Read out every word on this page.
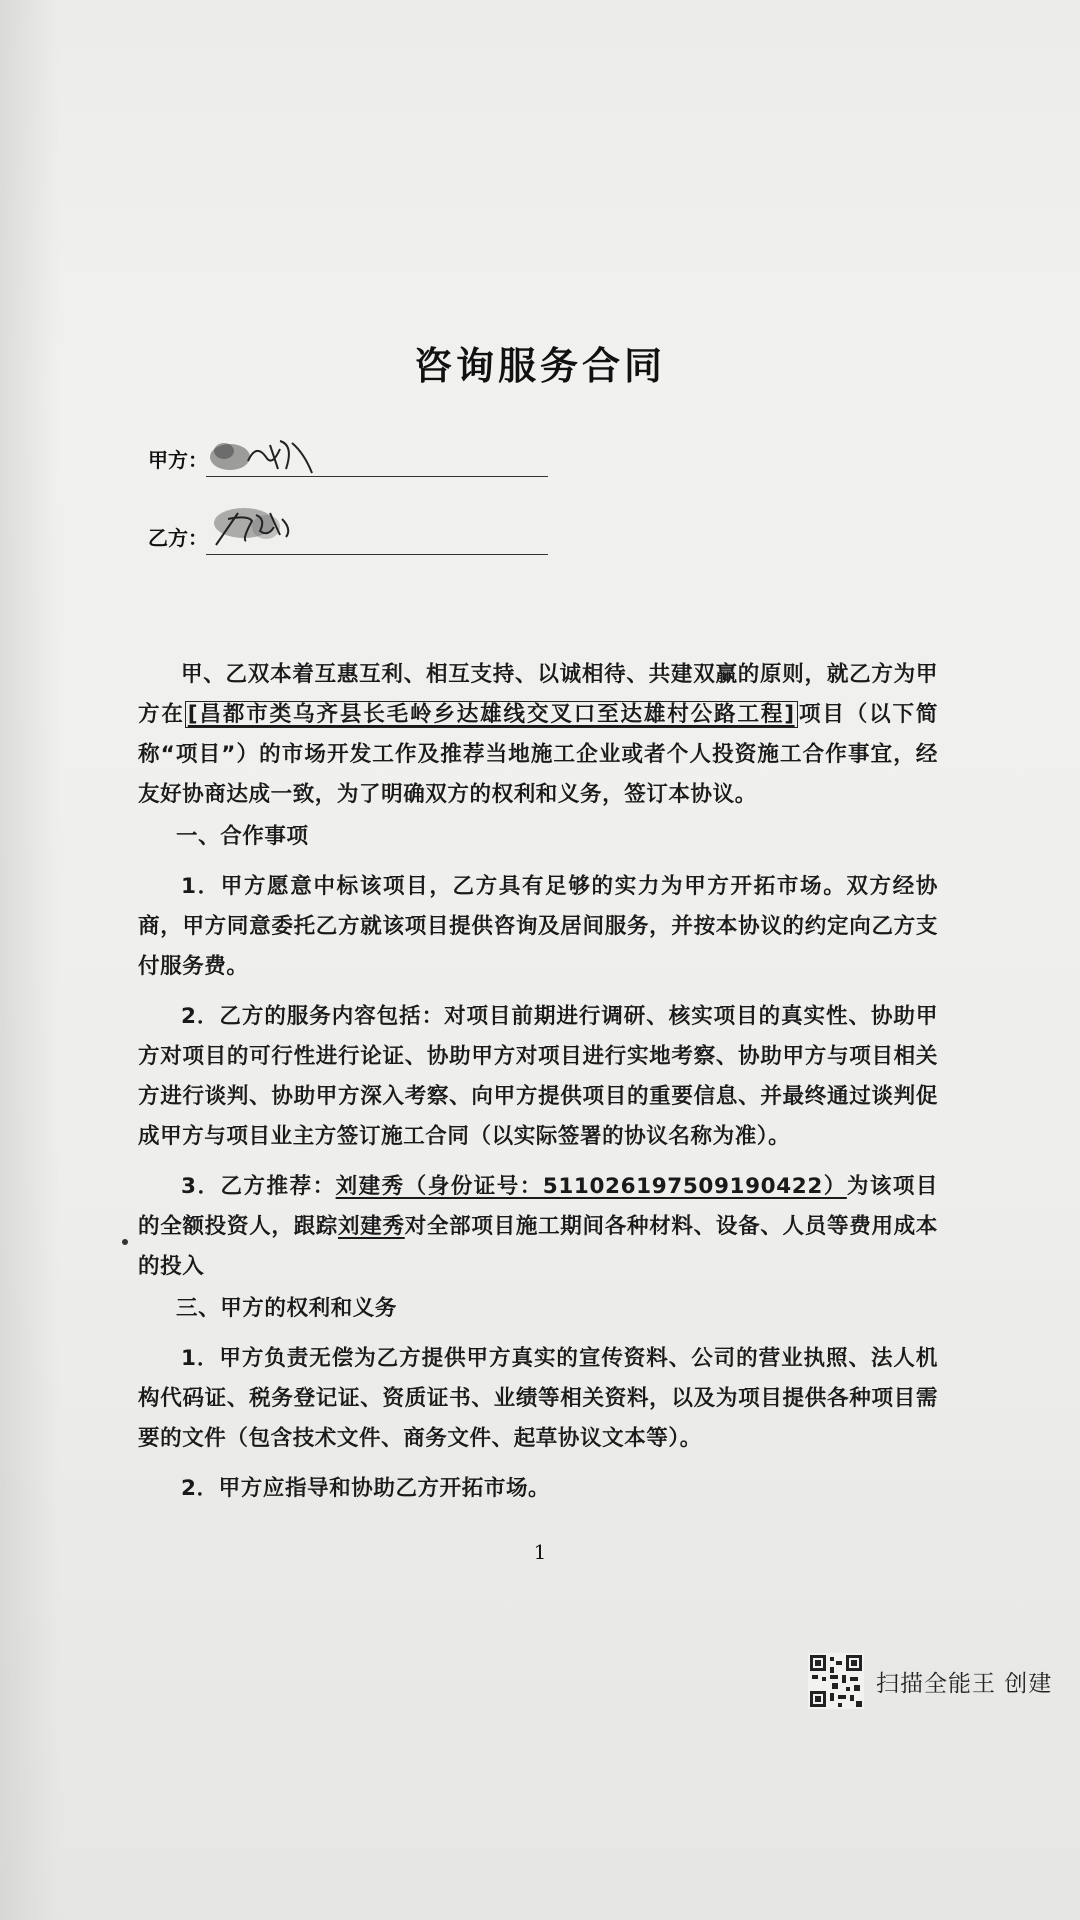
咨询服务合同
甲方：
乙方：

甲、乙双本着互惠互利、相互支持、以诚相待、共建双赢的原则，就乙方为甲方在 [昌都市类乌齐县长毛岭乡达雄线交叉口至达雄村公路工程] 项目（以下简称“项目”）的市场开发工作及推荐当地施工企业或者个人投资施工合作事宜，经友好协商达成一致，为了明确双方的权利和义务，签订本协议。

一、合作事项

1．甲方愿意中标该项目，乙方具有足够的实力为甲方开拓市场。双方经协商，甲方同意委托乙方就该项目提供咨询及居间服务，并按本协议的约定向乙方支付服务费。

2．乙方的服务内容包括：对项目前期进行调研、核实项目的真实性、协助甲方对项目的可行性进行论证、协助甲方对项目进行实地考察、协助甲方与项目相关方进行谈判、协助甲方深入考察、向甲方提供项目的重要信息、并最终通过谈判促成甲方与项目业主方签订施工合同（以实际签署的协议名称为准）。

3．乙方推荐：刘建秀（身份证号：511026197509190422）为该项目的全额投资人，跟踪刘建秀对全部项目施工期间各种材料、设备、人员等费用成本的投入

三、甲方的权利和义务

1．甲方负责无偿为乙方提供甲方真实的宣传资料、公司的营业执照、法人机构代码证、税务登记证、资质证书、业绩等相关资料，以及为项目提供各种项目需要的文件（包含技术文件、商务文件、起草协议文本等）。

2．甲方应指导和协助乙方开拓市场。

1
扫描全能王 创建
